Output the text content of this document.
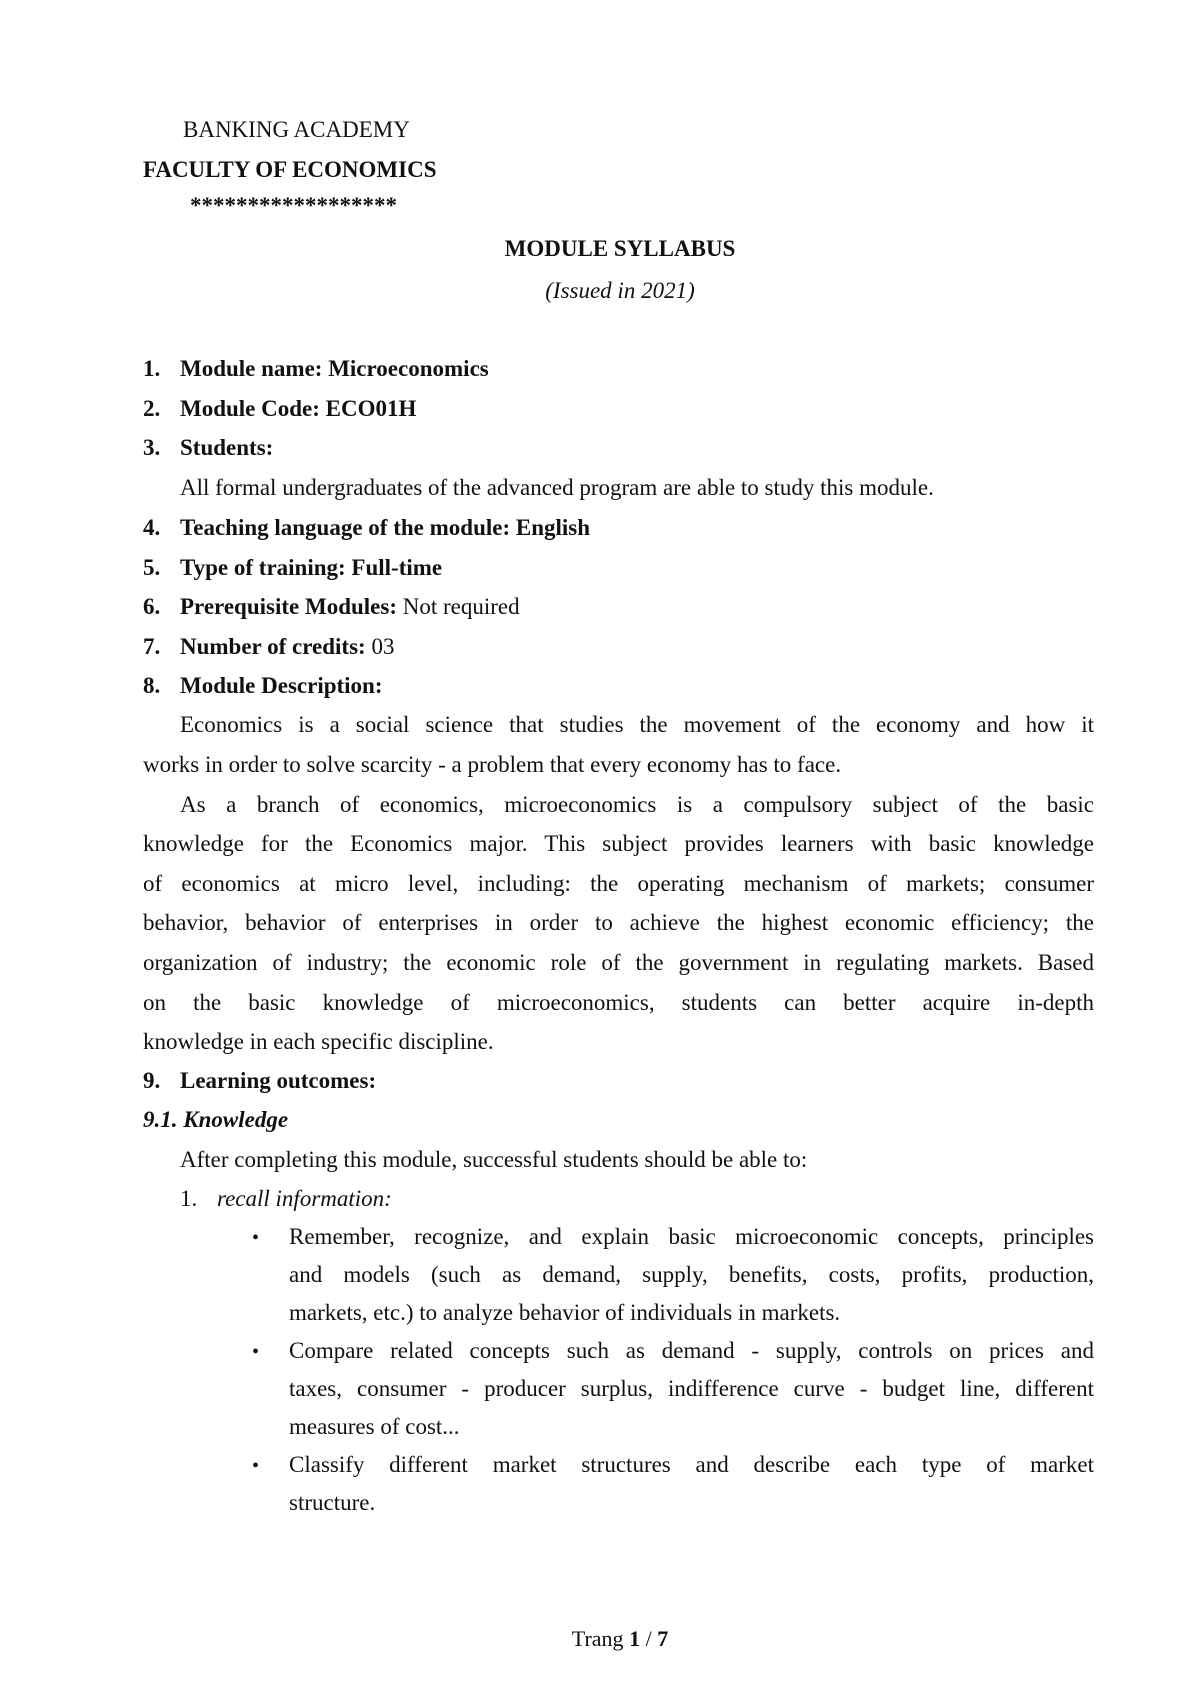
BANKING ACADEMY
FACULTY OF ECONOMICS
******************
MODULE SYLLABUS
(Issued in 2021)
1. Module name: Microeconomics
2. Module Code: ECO01H
3. Students:
All formal undergraduates of the advanced program are able to study this module.
4. Teaching language of the module: English
5. Type of training: Full-time
6. Prerequisite Modules: Not required
7. Number of credits: 03
8. Module Description:
Economics is a social science that studies the movement of the economy and how it
works in order to solve scarcity - a problem that every economy has to face.
As a branch of economics, microeconomics is a compulsory subject of the basic
knowledge for the Economics major. This subject provides learners with basic knowledge
of economics at micro level, including: the operating mechanism of markets; consumer
behavior, behavior of enterprises in order to achieve the highest economic efficiency; the
organization of industry; the economic role of the government in regulating markets. Based
on the basic knowledge of microeconomics, students can better acquire in-depth
knowledge in each specific discipline.
9. Learning outcomes:
9.1. Knowledge
After completing this module, successful students should be able to:
1. recall information:
• Remember, recognize, and explain basic microeconomic concepts, principles
and models (such as demand, supply, benefits, costs, profits, production,
markets, etc.) to analyze behavior of individuals in markets.
• Compare related concepts such as demand - supply, controls on prices and
taxes, consumer - producer surplus, indifference curve - budget line, different
measures of cost...
• Classify different market structures and describe each type of market
structure.
Trang 1 / 7
